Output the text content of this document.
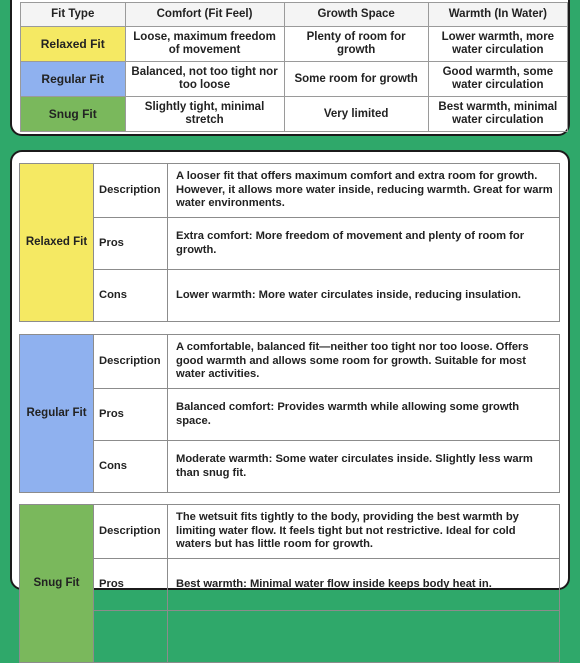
Fit Type	Comfort (Fit Feel)	Growth Space	Warmth (In Water)
Relaxed Fit	Loose, maximum freedom of movement	Plenty of room for growth	Lower warmth, more water circulation
Regular Fit	Balanced, not too tight nor too loose	Some room for growth	Good warmth, some water circulation
Snug Fit	Slightly tight, minimal stretch	Very limited	Best warmth, minimal water circulation
Relaxed Fit	Description	A looser fit that offers maximum comfort and extra room for growth. However, it allows more water inside, reducing warmth. Great for warm water environments.
	Pros	Extra comfort: More freedom of movement and plenty of room for growth.
	Cons	Lower warmth: More water circulates inside, reducing insulation.
Regular Fit	Description	A comfortable, balanced fit—neither too tight nor too loose. Offers good warmth and allows some room for growth. Suitable for most water activities.
	Pros	Balanced comfort: Provides warmth while allowing some growth space.
	Cons	Moderate warmth: Some water circulates inside. Slightly less warm than snug fit.
Snug Fit	Description	The wetsuit fits tightly to the body, providing the best warmth by limiting water flow. It feels tight but not restrictive. Ideal for cold waters but has little room for growth.
	Pros	Best warmth: Minimal water flow inside keeps body heat in.
